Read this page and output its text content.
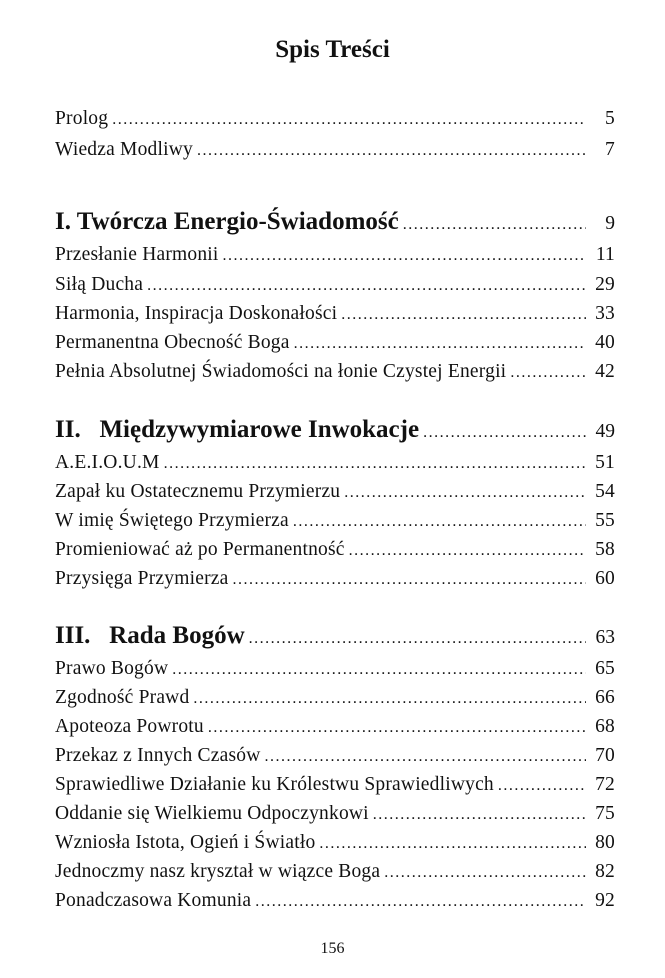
Spis Treści
Prolog .....	5
Wiedza Modliwy .....	7
I. Twórcza Energio-Świadomość .....	9
Przesłanie Harmonii .....	11
Siłą Ducha .....	29
Harmonia, Inspiracja Doskonałości .....	33
Permanentna Obecność Boga .....	40
Pełnia Absolutnej Świadomości na łonie Czystej Energii .....	42
II.   Międzywymiarowe Inwokacje .....	49
A.E.I.O.U.M .....	51
Zapał ku Ostatecznemu Przymierzu .....	54
W imię Świętego Przymierza .....	55
Promieniować aż po Permanentność .....	58
Przysięga Przymierza .....	60
III.   Rada Bogów .....	63
Prawo Bogów .....	65
Zgodność Prawd .....	66
Apoteoza Powrotu .....	68
Przekaz z Innych Czasów .....	70
Sprawiedliwe Działanie ku Królestwu Sprawiedliwych .....	72
Oddanie się Wielkiemu Odpoczynkowi .....	75
Wzniosła Istota, Ogień i Światło .....	80
Jednoczmy nasz kryształ w wiązce Boga .....	82
Ponadczasowa Komunia .....	92
156
